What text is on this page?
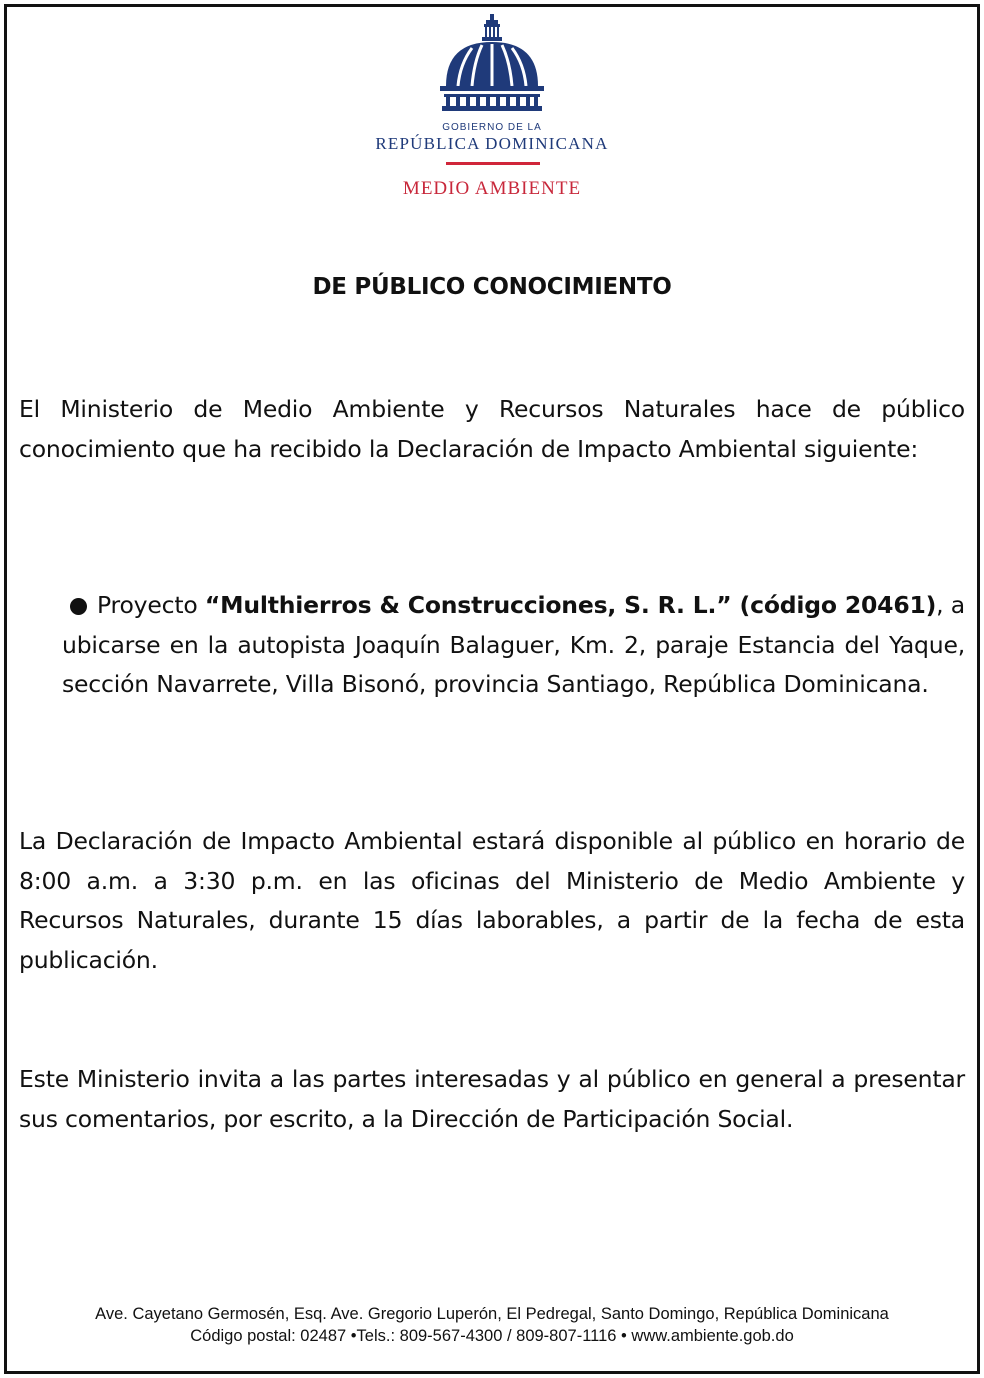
GOBIERNO DE LA
REPÚBLICA DOMINICANA
MEDIO AMBIENTE
DE PÚBLICO CONOCIMIENTO
El Ministerio de Medio Ambiente y Recursos Naturales hace de público conocimiento que ha recibido la Declaración de Impacto Ambiental siguiente:
Proyecto “Multhierros & Construcciones, S. R. L.” (código 20461), a ubicarse en la autopista Joaquín Balaguer, Km. 2, paraje Estancia del Yaque, sección Navarrete, Villa Bisonó, provincia Santiago, República Dominicana.
La Declaración de Impacto Ambiental estará disponible al público en horario de 8:00 a.m. a 3:30 p.m. en las oficinas del Ministerio de Medio Ambiente y Recursos Naturales, durante 15 días laborables, a partir de la fecha de esta publicación.
Este Ministerio invita a las partes interesadas y al público en general a presentar sus comentarios, por escrito, a la Dirección de Participación Social.
Ave. Cayetano Germosén, Esq. Ave. Gregorio Luperón, El Pedregal, Santo Domingo, República Dominicana
Código postal: 02487 •Tels.: 809-567-4300 / 809-807-1116 • www.ambiente.gob.do
